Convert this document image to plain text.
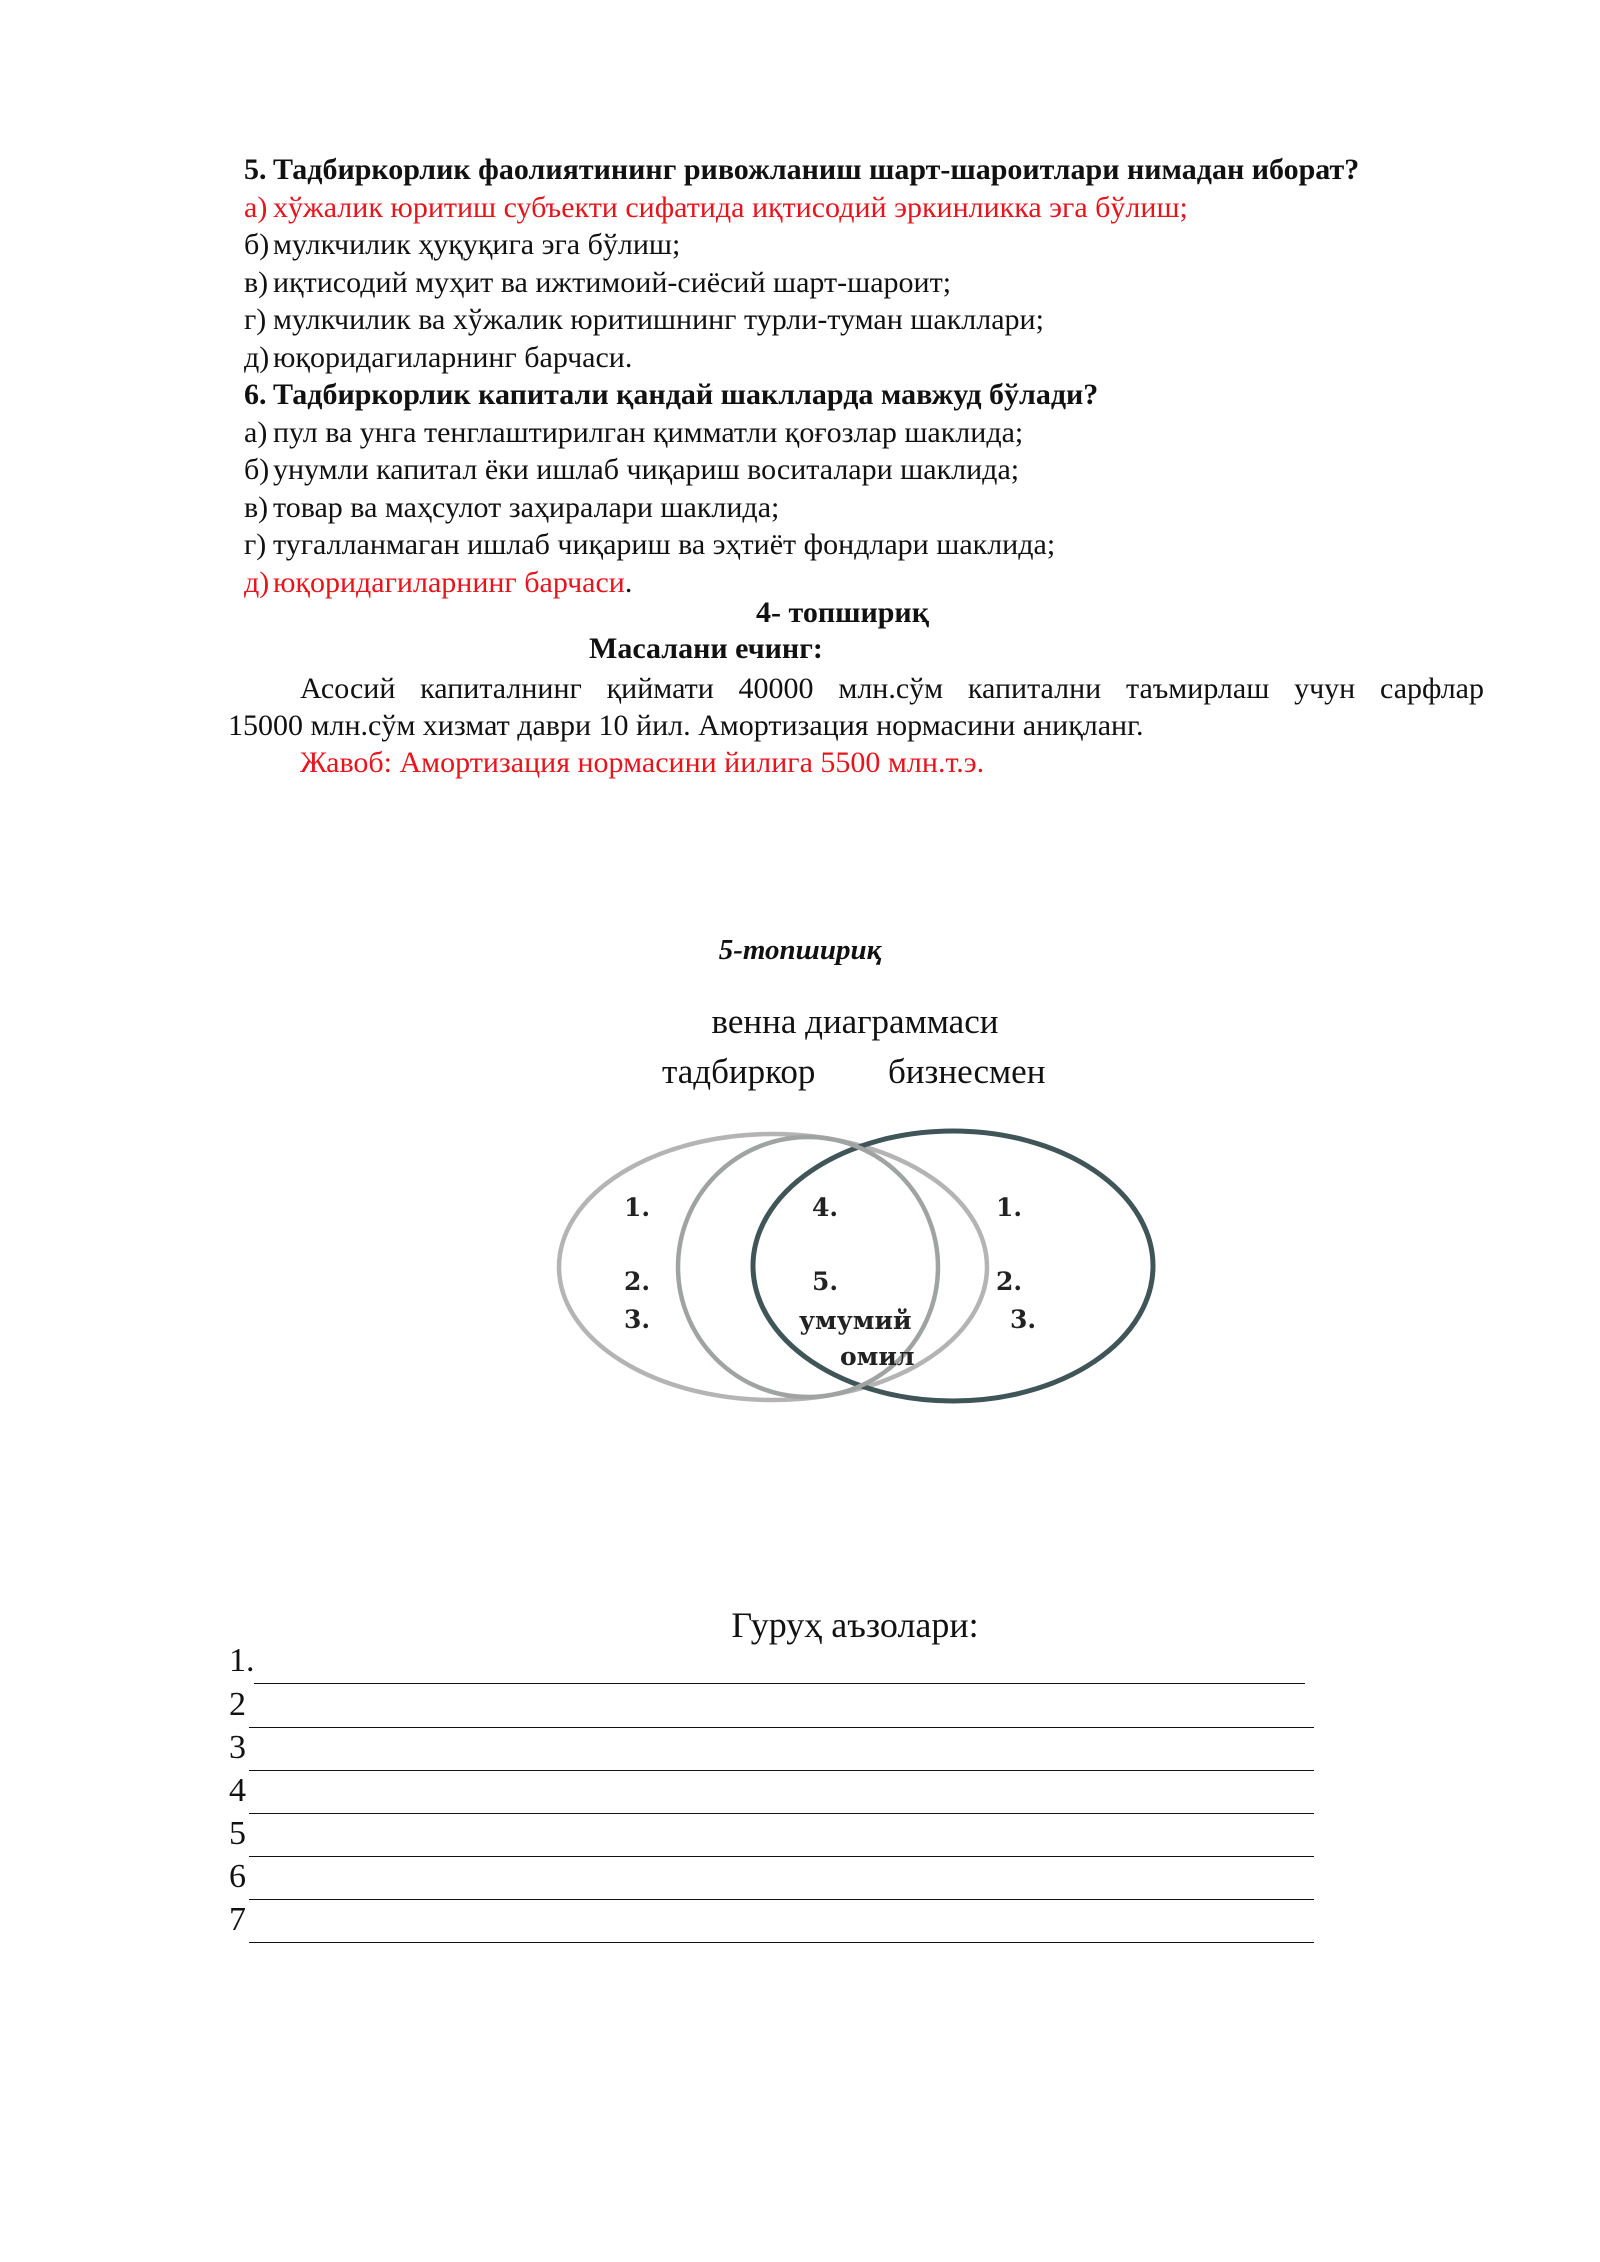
5. Тадбиркорлик фаолиятининг ривожланиш шарт-шароитлари нимадан иборат?
а) хўжалик юритиш субъекти сифатида иқтисодий эркинликка эга бўлиш;
б) мулкчилик ҳуқуқига эга бўлиш;
в) иқтисодий муҳит ва ижтимоий-сиёсий шарт-шароит;
г) мулкчилик ва хўжалик юритишнинг турли-туман шакллари;
д) юқоридагиларнинг барчаси.
6. Тадбиркорлик капитали қандай шаклларда мавжуд бўлади?
а) пул ва унга тенглаштирилган қимматли қоғозлар шаклида;
б) унумли капитал ёки ишлаб чиқариш воситалари шаклида;
в) товар ва маҳсулот заҳиралари шаклида;
г) тугалланмаган ишлаб чиқариш ва эҳтиёт фондлари шаклида;
д) юқоридагиларнинг барчаси.
4- топшириқ
Масалани ечинг:

Асосий капиталнинг қиймати 40000 млн.сўм капитални таъмирлаш учун сарфлар

15000 млн.сўм хизмат даври 10 йил. Амортизация нормасини аниқланг.

Жавоб: Амортизация нормасини йилига 5500 млн.т.э.

5-топшириқ
венна диаграммаси
тадбиркор бизнесмен
1.
2.
3.
4.
5.
умумий
омил
1.
2.
3.
Гуруҳ аъзолари:
1.
2
3
4
5
6
7
